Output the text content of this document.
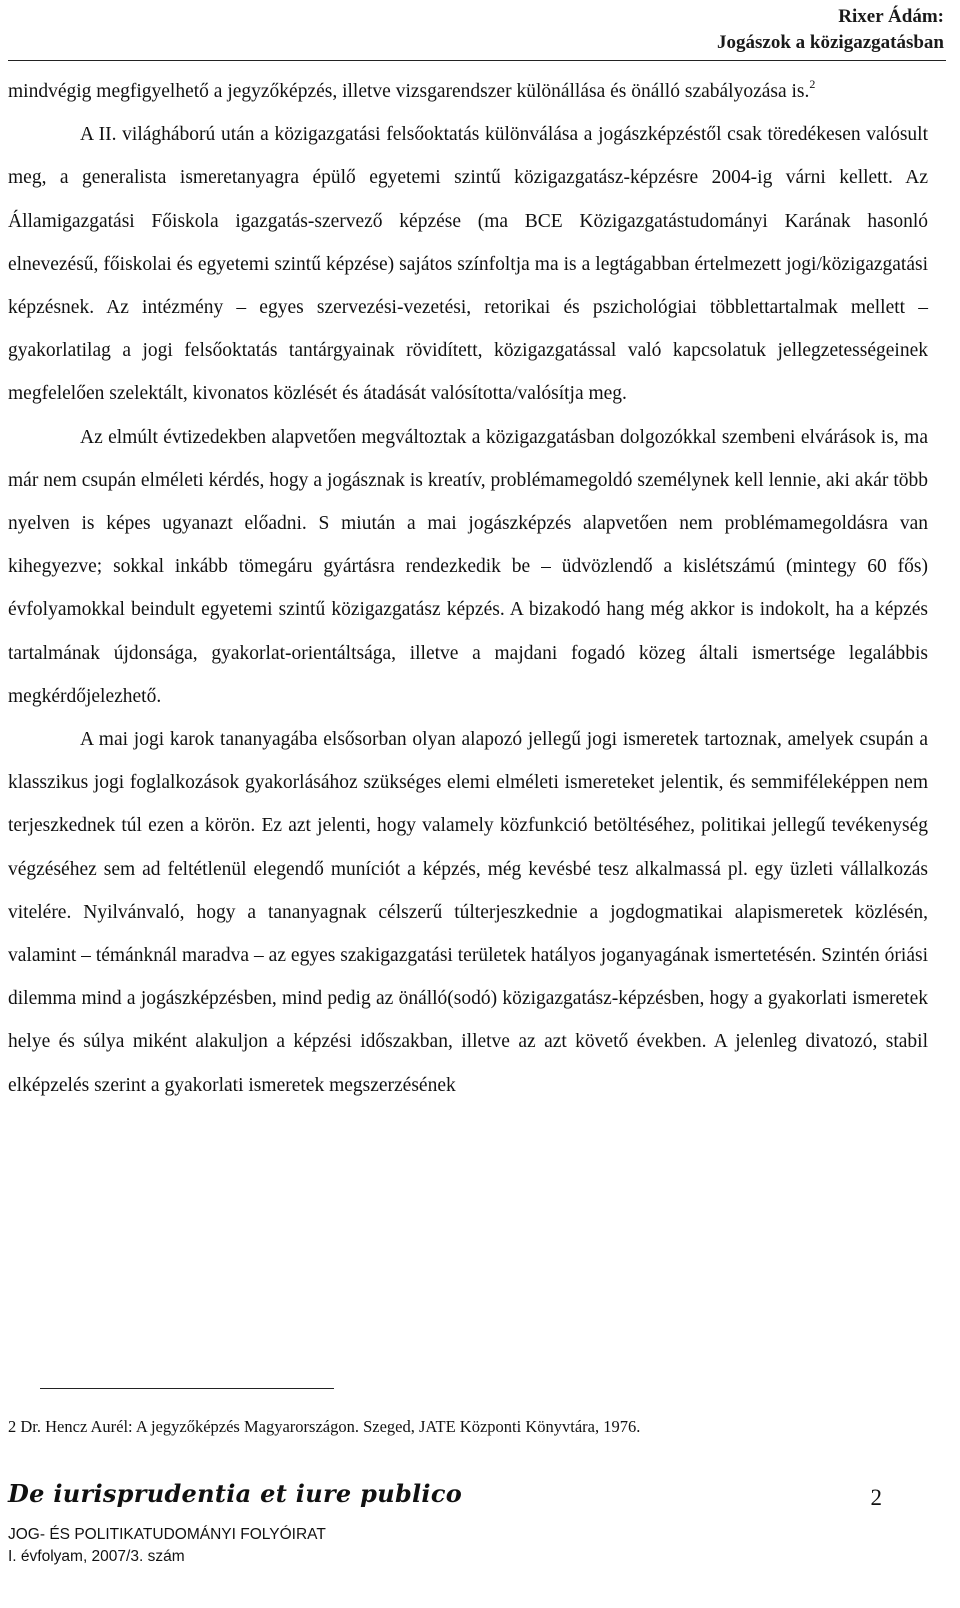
Rixer Ádám:
Jogászok a közigazgatásban

mindvégig megfigyelhető a jegyzőképzés, illetve vizsgarendszer különállása és önálló szabályozása is.$^2$

A II. világháború után a közigazgatási felsőoktatás különválása a jogászképzéstől csak töredékesen valósult meg, a generalista ismeretanyagra épülő egyetemi szintű közigazgatász-képzésre 2004-ig várni kellett. Az Államigazgatási Főiskola igazgatás-szervező képzése (ma BCE Közigazgatástudományi Karának hasonló elnevezésű, főiskolai és egyetemi szintű képzése) sajátos színfoltja ma is a legtágabban értelmezett jogi/közigazgatási képzésnek. Az intézmény – egyes szervezési-vezetési, retorikai és pszichológiai többlettartalmak mellett – gyakorlatilag a jogi felsőoktatás tantárgyainak rövidített, közigazgatással való kapcsolatuk jellegzetességeinek megfelelően szelektált, kivonatos közlését és átadását valósította/valósítja meg.

Az elmúlt évtizedekben alapvetően megváltoztak a közigazgatásban dolgozókkal szembeni elvárások is, ma már nem csupán elméleti kérdés, hogy a jogásznak is kreatív, problémamegoldó személynek kell lennie, aki akár több nyelven is képes ugyanazt előadni. S miután a mai jogászképzés alapvetően nem problémamegoldásra van kihegyezve; sokkal inkább tömegáru gyártásra rendezkedik be – üdvözlendő a kislétszámú (mintegy 60 fős) évfolyamokkal beindult egyetemi szintű közigazgatász képzés. A bizakodó hang még akkor is indokolt, ha a képzés tartalmának újdonsága, gyakorlat-orientáltsága, illetve a majdani fogadó közeg általi ismertsége legalábbis megkérdőjelezhető.

A mai jogi karok tananyagába elsősorban olyan alapozó jellegű jogi ismeretek tartoznak, amelyek csupán a klasszikus jogi foglalkozások gyakorlásához szükséges elemi elméleti ismereteket jelentik, és semmiféleképpen nem terjeszkednek túl ezen a körön. Ez azt jelenti, hogy valamely közfunkció betöltéséhez, politikai jellegű tevékenység végzéséhez sem ad feltétlenül elegendő muníciót a képzés, még kevésbé tesz alkalmassá pl. egy üzleti vállalkozás vitelére. Nyilvánvaló, hogy a tananyagnak célszerű túlterjeszkednie a jogdogmatikai alapismeretek közlésén, valamint – témánknál maradva – az egyes szakigazgatási területek hatályos joganyagának ismertetésén. Szintén óriási dilemma mind a jogászképzésben, mind pedig az önálló(sodó) közigazgatász-képzésben, hogy a gyakorlati ismeretek helye és súlya miként alakuljon a képzési időszakban, illetve az azt követő években. A jelenleg divatozó, stabil elképzelés szerint a gyakorlati ismeretek megszerzésének

2 Dr. Hencz Aurél: A jegyzőképzés Magyarországon. Szeged, JATE Központi Könyvtára, 1976.
De iurisprudentia et iure publico
JOG- ÉS POLITIKATUDOMÁNYI FOLYÓIRAT
I. évfolyam, 2007/3. szám
2
